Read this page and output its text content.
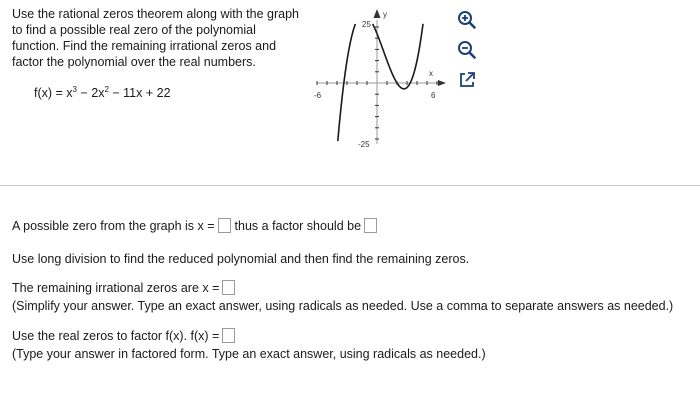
Use the rational zeros theorem along with the graph
to find a possible real zero of the polynomial
function. Find the remaining irrational zeros and
factor the polynomial over the real numbers.
$f(x) = x^3 - 2x^2 - 11x + 22$
y
x
25
-25
-6	6
A possible zero from the graph is x = thus a factor should be
Use long division to find the reduced polynomial and then find the remaining zeros.
The remaining irrational zeros are x =
(Simplify your answer. Type an exact answer, using radicals as needed. Use a comma to separate answers as needed.)
Use the real zeros to factor f(x). f(x) =
(Type your answer in factored form. Type an exact answer, using radicals as needed.)
